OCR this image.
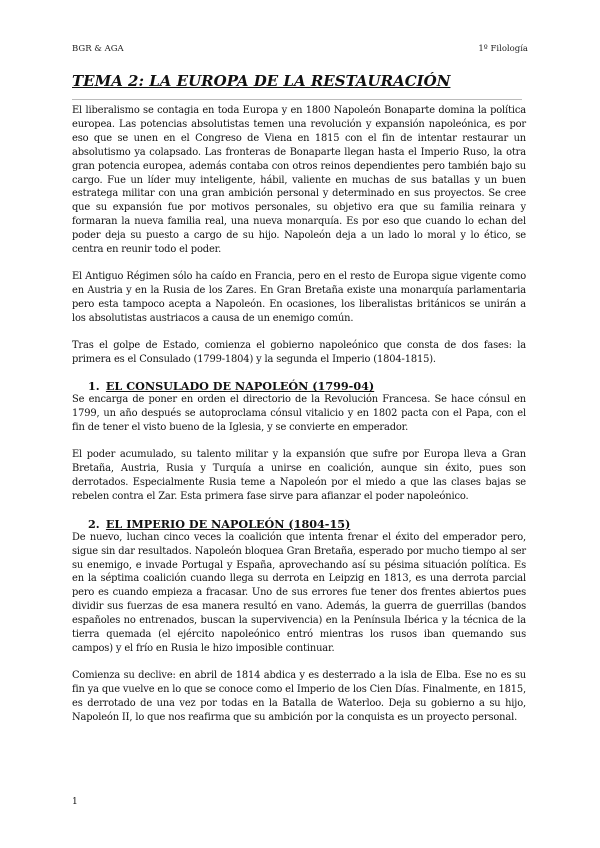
BGR & AGA	1º Filología
TEMA 2: LA EUROPA DE LA RESTAURACIÓN

El liberalismo se contagia en toda Europa y en 1800 Napoleón Bonaparte domina la política europea. Las potencias absolutistas temen una revolución y expansión napoleónica, es por eso que se unen en el Congreso de Viena en 1815 con el fin de intentar restaurar un absolutismo ya colapsado. Las fronteras de Bonaparte llegan hasta el Imperio Ruso, la otra gran potencia europea, además contaba con otros reinos dependientes pero también bajo su cargo. Fue un líder muy inteligente, hábil, valiente en muchas de sus batallas y un buen estratega militar con una gran ambición personal y determinado en sus proyectos. Se cree que su expansión fue por motivos personales, su objetivo era que su familia reinara y formaran la nueva familia real, una nueva monarquía. Es por eso que cuando lo echan del poder deja su puesto a cargo de su hijo. Napoleón deja a un lado lo moral y lo ético, se centra en reunir todo el poder.

El Antiguo Régimen sólo ha caído en Francia, pero en el resto de Europa sigue vigente como en Austria y en la Rusia de los Zares. En Gran Bretaña existe una monarquía parlamentaria pero esta tampoco acepta a Napoleón. En ocasiones, los liberalistas británicos se unirán a los absolutistas austriacos a causa de un enemigo común.

Tras el golpe de Estado, comienza el gobierno napoleónico que consta de dos fases: la primera es el Consulado (1799-1804) y la segunda el Imperio (1804-1815).

1. EL CONSULADO DE NAPOLEÓN (1799-04)

Se encarga de poner en orden el directorio de la Revolución Francesa. Se hace cónsul en 1799, un año después se autoproclama cónsul vitalicio y en 1802 pacta con el Papa, con el fin de tener el visto bueno de la Iglesia, y se convierte en emperador.

El poder acumulado, su talento militar y la expansión que sufre por Europa lleva a Gran Bretaña, Austria, Rusia y Turquía a unirse en coalición, aunque sin éxito, pues son derrotados. Especialmente Rusia teme a Napoleón por el miedo a que las clases bajas se rebelen contra el Zar. Esta primera fase sirve para afianzar el poder napoleónico.

2. EL IMPERIO DE NAPOLEÓN (1804-15)

De nuevo, luchan cinco veces la coalición que intenta frenar el éxito del emperador pero, sigue sin dar resultados. Napoleón bloquea Gran Bretaña, esperado por mucho tiempo al ser su enemigo, e invade Portugal y España, aprovechando así su pésima situación política. Es en la séptima coalición cuando llega su derrota en Leipzig en 1813, es una derrota parcial pero es cuando empieza a fracasar. Uno de sus errores fue tener dos frentes abiertos pues dividir sus fuerzas de esa manera resultó en vano. Además, la guerra de guerrillas (bandos españoles no entrenados, buscan la supervivencia) en la Península Ibérica y la técnica de la tierra quemada (el ejército napoleónico entró mientras los rusos iban quemando sus campos) y el frío en Rusia le hizo imposible continuar.

Comienza su declive: en abril de 1814 abdica y es desterrado a la isla de Elba. Ese no es su fin ya que vuelve en lo que se conoce como el Imperio de los Cien Días. Finalmente, en 1815, es derrotado de una vez por todas en la Batalla de Waterloo. Deja su gobierno a su hijo, Napoleón II, lo que nos reafirma que su ambición por la conquista es un proyecto personal.

1
